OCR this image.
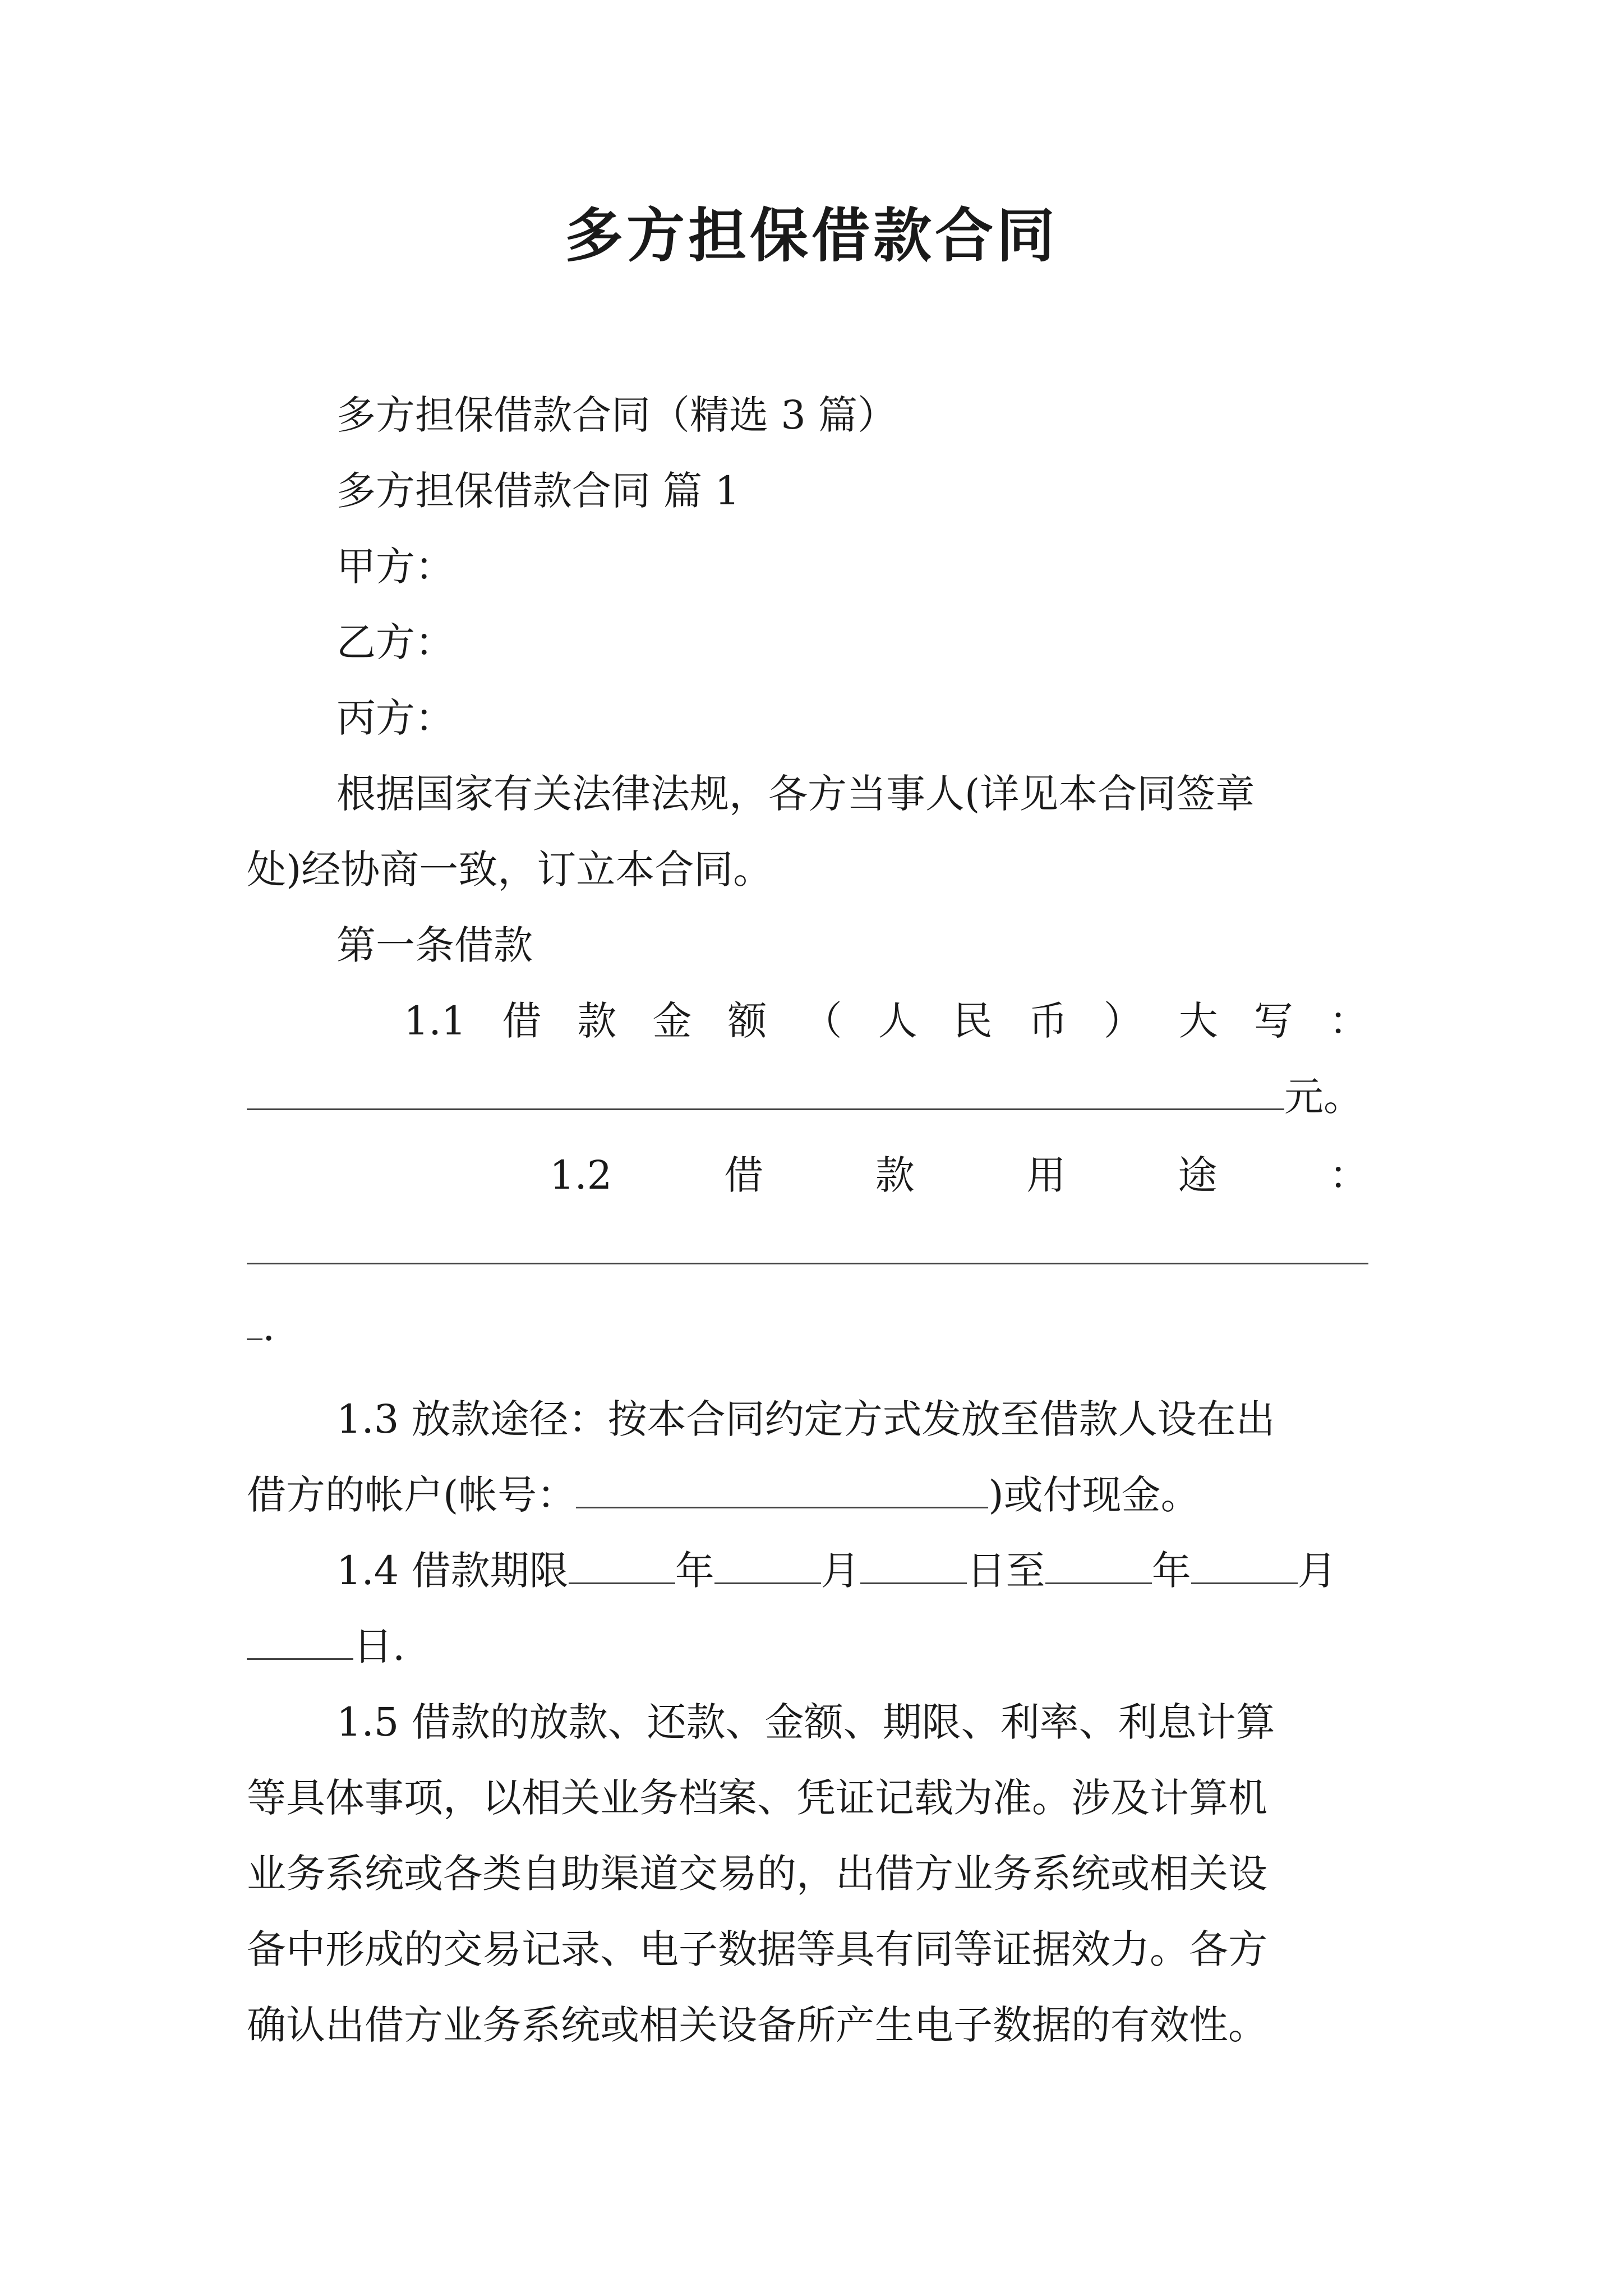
多方担保借款合同
多方担保借款合同（精选 3 篇）
多方担保借款合同 篇 1
甲方：
乙方：
丙方：
根据国家有关法律法规，各方当事人(详见本合同签章
处)经协商一致，订立本合同。
第一条借款
1.1 借 款 金 额 （ 人 民 币 ） 大 写 ：
元。
1.2	借	款	用	途	：
.
1.3 放款途径：按本合同约定方式发放至借款人设在出
借方的帐户(帐号：	)或付现金。
1.4 借款期限	年	月	日至	年	月
日.
1.5 借款的放款、还款、金额、期限、利率、利息计算
等具体事项，以相关业务档案、凭证记载为准。涉及计算机
业务系统或各类自助渠道交易的，出借方业务系统或相关设
备中形成的交易记录、电子数据等具有同等证据效力。各方
确认出借方业务系统或相关设备所产生电子数据的有效性。
